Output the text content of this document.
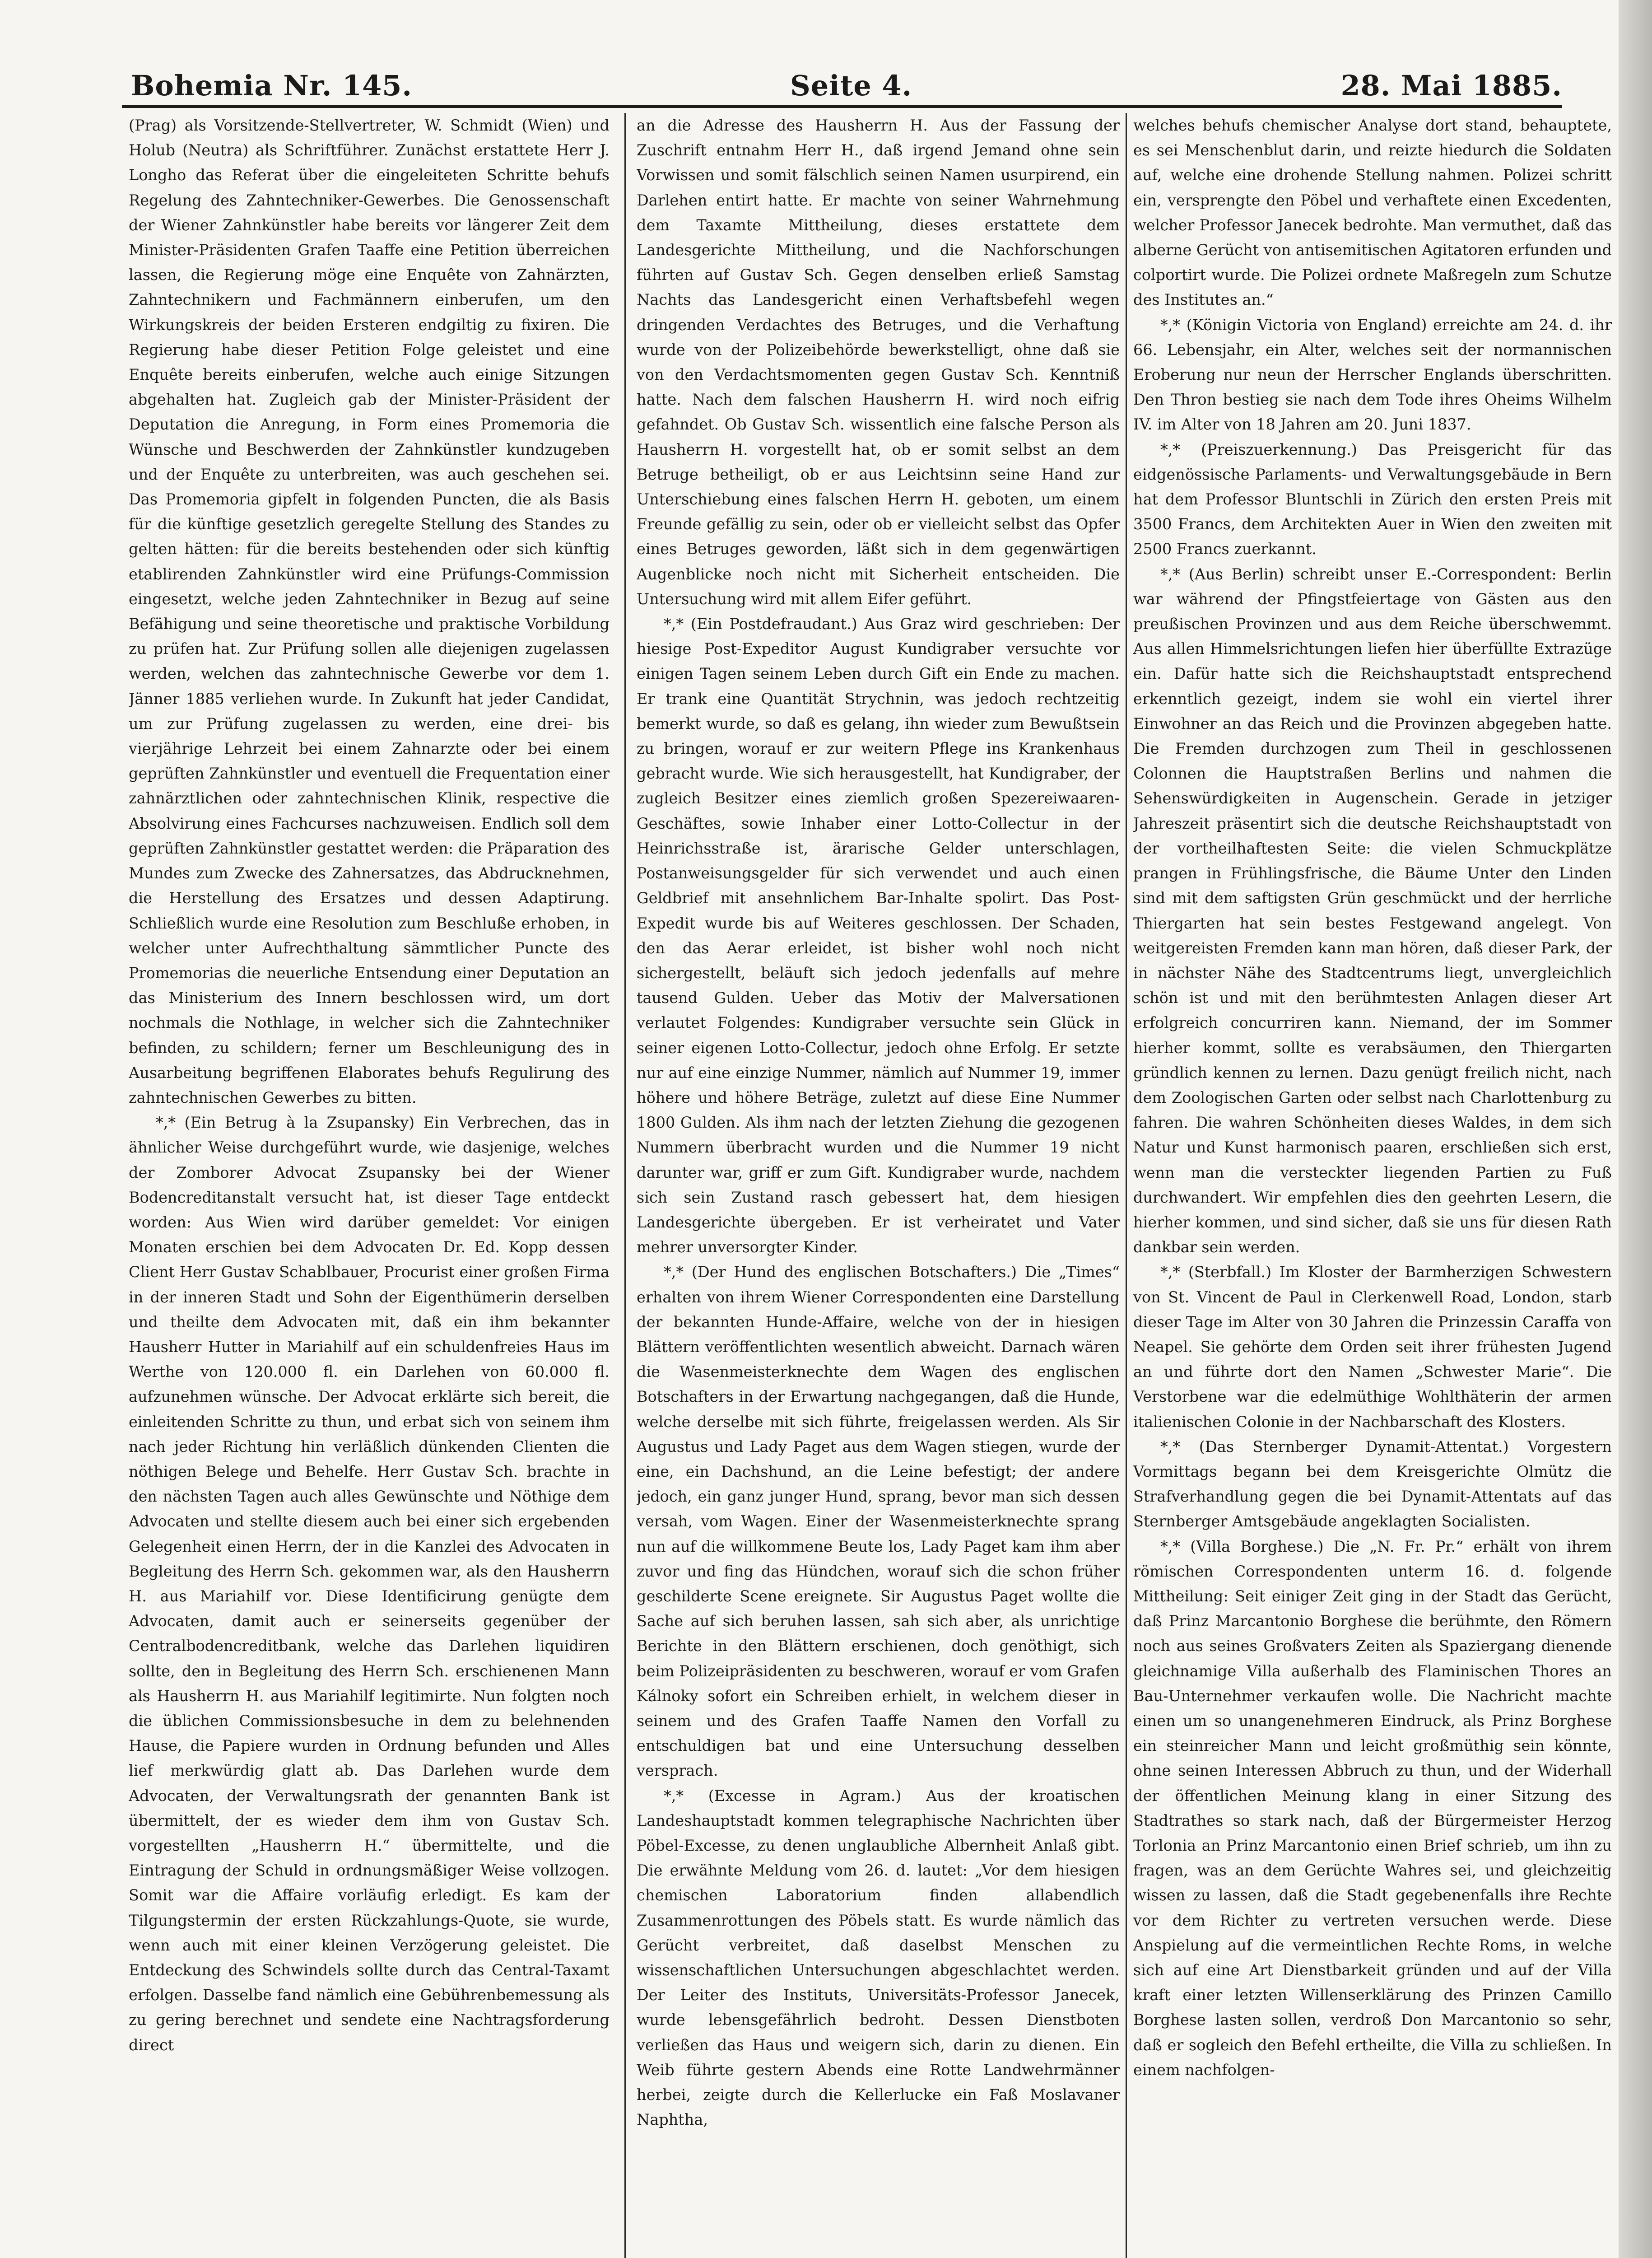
Bohemia Nr. 145.	Seite 4.	28. Mai 1885.

(Prag) als Vorsitzende-Stellvertreter, W. Schmidt (Wien) und Holub (Neutra) als Schriftführer. Zunächst erstattete Herr J. Longho das Referat über die eingeleiteten Schritte behufs Regelung des Zahntechniker-Gewerbes. Die Genossenschaft der Wiener Zahnkünstler habe bereits vor längerer Zeit dem Minister-Präsidenten Grafen Taaffe eine Petition überreichen lassen, die Regierung möge eine Enquête von Zahnärzten, Zahntechnikern und Fachmännern einberufen, um den Wirkungskreis der beiden Ersteren endgiltig zu fixiren. Die Regierung habe dieser Petition Folge geleistet und eine Enquête bereits einberufen, welche auch einige Sitzungen abgehalten hat. Zugleich gab der Minister-Präsident der Deputation die Anregung, in Form eines Promemoria die Wünsche und Beschwerden der Zahnkünstler kundzugeben und der Enquête zu unterbreiten, was auch geschehen sei. Das Promemoria gipfelt in folgenden Puncten, die als Basis für die künftige gesetzlich geregelte Stellung des Standes zu gelten hätten: für die bereits bestehenden oder sich künftig etablirenden Zahnkünstler wird eine Prüfungs-Commission eingesetzt, welche jeden Zahntechniker in Bezug auf seine Befähigung und seine theoretische und praktische Vorbildung zu prüfen hat. Zur Prüfung sollen alle diejenigen zugelassen werden, welchen das zahntechnische Gewerbe vor dem 1. Jänner 1885 verliehen wurde. In Zukunft hat jeder Candidat, um zur Prüfung zugelassen zu werden, eine drei- bis vierjährige Lehrzeit bei einem Zahnarzte oder bei einem geprüften Zahnkünstler und eventuell die Frequentation einer zahnärztlichen oder zahntechnischen Klinik, respective die Absolvirung eines Fachcurses nachzuweisen. Endlich soll dem geprüften Zahnkünstler gestattet werden: die Präparation des Mundes zum Zwecke des Zahnersatzes, das Abdrucknehmen, die Herstellung des Ersatzes und dessen Adaptirung. Schließlich wurde eine Resolution zum Beschluße erhoben, in welcher unter Aufrechthaltung sämmtlicher Puncte des Promemorias die neuerliche Entsendung einer Deputation an das Ministerium des Innern beschlossen wird, um dort nochmals die Nothlage, in welcher sich die Zahntechniker befinden, zu schildern; ferner um Beschleunigung des in Ausarbeitung begriffenen Elaborates behufs Regulirung des zahntechnischen Gewerbes zu bitten.

*,* (Ein Betrug à la Zsupansky) Ein Verbrechen, das in ähnlicher Weise durchgeführt wurde, wie dasjenige, welches der Zomborer Advocat Zsupansky bei der Wiener Bodencreditanstalt versucht hat, ist dieser Tage entdeckt worden: Aus Wien wird darüber gemeldet: Vor einigen Monaten erschien bei dem Advocaten Dr. Ed. Kopp dessen Client Herr Gustav Schablbauer, Procurist einer großen Firma in der inneren Stadt und Sohn der Eigenthümerin derselben und theilte dem Advocaten mit, daß ein ihm bekannter Hausherr Hutter in Mariahilf auf ein schuldenfreies Haus im Werthe von 120.000 fl. ein Darlehen von 60.000 fl. aufzunehmen wünsche. Der Advocat erklärte sich bereit, die einleitenden Schritte zu thun, und erbat sich von seinem ihm nach jeder Richtung hin verläßlich dünkenden Clienten die nöthigen Belege und Behelfe. Herr Gustav Sch. brachte in den nächsten Tagen auch alles Gewünschte und Nöthige dem Advocaten und stellte diesem auch bei einer sich ergebenden Gelegenheit einen Herrn, der in die Kanzlei des Advocaten in Begleitung des Herrn Sch. gekommen war, als den Hausherrn H. aus Mariahilf vor. Diese Identificirung genügte dem Advocaten, damit auch er seinerseits gegenüber der Centralbodencreditbank, welche das Darlehen liquidiren sollte, den in Begleitung des Herrn Sch. erschienenen Mann als Hausherrn H. aus Mariahilf legitimirte. Nun folgten noch die üblichen Commissionsbesuche in dem zu belehnenden Hause, die Papiere wurden in Ordnung befunden und Alles lief merkwürdig glatt ab. Das Darlehen wurde dem Advocaten, der Verwaltungsrath der genannten Bank ist übermittelt, der es wieder dem ihm von Gustav Sch. vorgestellten „Hausherrn H.“ übermittelte, und die Eintragung der Schuld in ordnungsmäßiger Weise vollzogen. Somit war die Affaire vorläufig erledigt. Es kam der Tilgungstermin der ersten Rückzahlungs-Quote, sie wurde, wenn auch mit einer kleinen Verzögerung geleistet. Die Entdeckung des Schwindels sollte durch das Central-Taxamt erfolgen. Dasselbe fand nämlich eine Gebührenbemessung als zu gering berechnet und sendete eine Nachtragsforderung direct

an die Adresse des Hausherrn H. Aus der Fassung der Zuschrift entnahm Herr H., daß irgend Jemand ohne sein Vorwissen und somit fälschlich seinen Namen usurpirend, ein Darlehen entirt hatte. Er machte von seiner Wahrnehmung dem Taxamte Mittheilung, dieses erstattete dem Landesgerichte Mittheilung, und die Nachforschungen führten auf Gustav Sch. Gegen denselben erließ Samstag Nachts das Landesgericht einen Verhaftsbefehl wegen dringenden Verdachtes des Betruges, und die Verhaftung wurde von der Polizeibehörde bewerkstelligt, ohne daß sie von den Verdachtsmomenten gegen Gustav Sch. Kenntniß hatte. Nach dem falschen Hausherrn H. wird noch eifrig gefahndet. Ob Gustav Sch. wissentlich eine falsche Person als Hausherrn H. vorgestellt hat, ob er somit selbst an dem Betruge betheiligt, ob er aus Leichtsinn seine Hand zur Unterschiebung eines falschen Herrn H. geboten, um einem Freunde gefällig zu sein, oder ob er vielleicht selbst das Opfer eines Betruges geworden, läßt sich in dem gegenwärtigen Augenblicke noch nicht mit Sicherheit entscheiden. Die Untersuchung wird mit allem Eifer geführt.

*,* (Ein Postdefraudant.) Aus Graz wird geschrieben: Der hiesige Post-Expeditor August Kundigraber versuchte vor einigen Tagen seinem Leben durch Gift ein Ende zu machen. Er trank eine Quantität Strychnin, was jedoch rechtzeitig bemerkt wurde, so daß es gelang, ihn wieder zum Bewußtsein zu bringen, worauf er zur weitern Pflege ins Krankenhaus gebracht wurde. Wie sich herausgestellt, hat Kundigraber, der zugleich Besitzer eines ziemlich großen Spezereiwaaren-Geschäftes, sowie Inhaber einer Lotto-Collectur in der Heinrichsstraße ist, ärarische Gelder unterschlagen, Postanweisungsgelder für sich verwendet und auch einen Geldbrief mit ansehnlichem Bar-Inhalte spolirt. Das Post-Expedit wurde bis auf Weiteres geschlossen. Der Schaden, den das Aerar erleidet, ist bisher wohl noch nicht sichergestellt, beläuft sich jedoch jedenfalls auf mehre tausend Gulden. Ueber das Motiv der Malversationen verlautet Folgendes: Kundigraber versuchte sein Glück in seiner eigenen Lotto-Collectur, jedoch ohne Erfolg. Er setzte nur auf eine einzige Nummer, nämlich auf Nummer 19, immer höhere und höhere Beträge, zuletzt auf diese Eine Nummer 1800 Gulden. Als ihm nach der letzten Ziehung die gezogenen Nummern überbracht wurden und die Nummer 19 nicht darunter war, griff er zum Gift. Kundigraber wurde, nachdem sich sein Zustand rasch gebessert hat, dem hiesigen Landesgerichte übergeben. Er ist verheiratet und Vater mehrer unversorgter Kinder.

*,* (Der Hund des englischen Botschafters.) Die „Times“ erhalten von ihrem Wiener Correspondenten eine Darstellung der bekannten Hunde-Affaire, welche von der in hiesigen Blättern veröffentlichten wesentlich abweicht. Darnach wären die Wasenmeisterknechte dem Wagen des englischen Botschafters in der Erwartung nachgegangen, daß die Hunde, welche derselbe mit sich führte, freigelassen werden. Als Sir Augustus und Lady Paget aus dem Wagen stiegen, wurde der eine, ein Dachshund, an die Leine befestigt; der andere jedoch, ein ganz junger Hund, sprang, bevor man sich dessen versah, vom Wagen. Einer der Wasenmeisterknechte sprang nun auf die willkommene Beute los, Lady Paget kam ihm aber zuvor und fing das Hündchen, worauf sich die schon früher geschilderte Scene ereignete. Sir Augustus Paget wollte die Sache auf sich beruhen lassen, sah sich aber, als unrichtige Berichte in den Blättern erschienen, doch genöthigt, sich beim Polizeipräsidenten zu beschweren, worauf er vom Grafen Kálnoky sofort ein Schreiben erhielt, in welchem dieser in seinem und des Grafen Taaffe Namen den Vorfall zu entschuldigen bat und eine Untersuchung desselben versprach.

*,* (Excesse in Agram.) Aus der kroatischen Landeshauptstadt kommen telegraphische Nachrichten über Pöbel-Excesse, zu denen unglaubliche Albernheit Anlaß gibt. Die erwähnte Meldung vom 26. d. lautet: „Vor dem hiesigen chemischen Laboratorium finden allabendlich Zusammenrottungen des Pöbels statt. Es wurde nämlich das Gerücht verbreitet, daß daselbst Menschen zu wissenschaftlichen Untersuchungen abgeschlachtet werden. Der Leiter des Instituts, Universitäts-Professor Janecek, wurde lebensgefährlich bedroht. Dessen Dienstboten verließen das Haus und weigern sich, darin zu dienen. Ein Weib führte gestern Abends eine Rotte Landwehrmänner herbei, zeigte durch die Kellerlucke ein Faß Moslavaner Naphtha,

welches behufs chemischer Analyse dort stand, behauptete, es sei Menschenblut darin, und reizte hiedurch die Soldaten auf, welche eine drohende Stellung nahmen. Polizei schritt ein, versprengte den Pöbel und verhaftete einen Excedenten, welcher Professor Janecek bedrohte. Man vermuthet, daß das alberne Gerücht von antisemitischen Agitatoren erfunden und colportirt wurde. Die Polizei ordnete Maßregeln zum Schutze des Institutes an.“

*,* (Königin Victoria von England) erreichte am 24. d. ihr 66. Lebensjahr, ein Alter, welches seit der normannischen Eroberung nur neun der Herrscher Englands überschritten. Den Thron bestieg sie nach dem Tode ihres Oheims Wilhelm IV. im Alter von 18 Jahren am 20. Juni 1837.

*,* (Preiszuerkennung.) Das Preisgericht für das eidgenössische Parlaments- und Verwaltungsgebäude in Bern hat dem Professor Bluntschli in Zürich den ersten Preis mit 3500 Francs, dem Architekten Auer in Wien den zweiten mit 2500 Francs zuerkannt.

*,* (Aus Berlin) schreibt unser E.-Correspondent: Berlin war während der Pfingstfeiertage von Gästen aus den preußischen Provinzen und aus dem Reiche überschwemmt. Aus allen Himmelsrichtungen liefen hier überfüllte Extrazüge ein. Dafür hatte sich die Reichshauptstadt entsprechend erkenntlich gezeigt, indem sie wohl ein viertel ihrer Einwohner an das Reich und die Provinzen abgegeben hatte. Die Fremden durchzogen zum Theil in geschlossenen Colonnen die Hauptstraßen Berlins und nahmen die Sehenswürdigkeiten in Augenschein. Gerade in jetziger Jahreszeit präsentirt sich die deutsche Reichshauptstadt von der vortheilhaftesten Seite: die vielen Schmuckplätze prangen in Frühlingsfrische, die Bäume Unter den Linden sind mit dem saftigsten Grün geschmückt und der herrliche Thiergarten hat sein bestes Festgewand angelegt. Von weitgereisten Fremden kann man hören, daß dieser Park, der in nächster Nähe des Stadtcentrums liegt, unvergleichlich schön ist und mit den berühmtesten Anlagen dieser Art erfolgreich concurriren kann. Niemand, der im Sommer hierher kommt, sollte es verabsäumen, den Thiergarten gründlich kennen zu lernen. Dazu genügt freilich nicht, nach dem Zoologischen Garten oder selbst nach Charlottenburg zu fahren. Die wahren Schönheiten dieses Waldes, in dem sich Natur und Kunst harmonisch paaren, erschließen sich erst, wenn man die versteckter liegenden Partien zu Fuß durchwandert. Wir empfehlen dies den geehrten Lesern, die hierher kommen, und sind sicher, daß sie uns für diesen Rath dankbar sein werden.

*,* (Sterbfall.) Im Kloster der Barmherzigen Schwestern von St. Vincent de Paul in Clerkenwell Road, London, starb dieser Tage im Alter von 30 Jahren die Prinzessin Caraffa von Neapel. Sie gehörte dem Orden seit ihrer frühesten Jugend an und führte dort den Namen „Schwester Marie“. Die Verstorbene war die edelmüthige Wohlthäterin der armen italienischen Colonie in der Nachbarschaft des Klosters.

*,* (Das Sternberger Dynamit-Attentat.) Vorgestern Vormittags begann bei dem Kreisgerichte Olmütz die Strafverhandlung gegen die bei Dynamit-Attentats auf das Sternberger Amtsgebäude angeklagten Socialisten.

*,* (Villa Borghese.) Die „N. Fr. Pr.“ erhält von ihrem römischen Correspondenten unterm 16. d. folgende Mittheilung: Seit einiger Zeit ging in der Stadt das Gerücht, daß Prinz Marcantonio Borghese die berühmte, den Römern noch aus seines Großvaters Zeiten als Spaziergang dienende gleichnamige Villa außerhalb des Flaminischen Thores an Bau-Unternehmer verkaufen wolle. Die Nachricht machte einen um so unangenehmeren Eindruck, als Prinz Borghese ein steinreicher Mann und leicht großmüthig sein könnte, ohne seinen Interessen Abbruch zu thun, und der Widerhall der öffentlichen Meinung klang in einer Sitzung des Stadtrathes so stark nach, daß der Bürgermeister Herzog Torlonia an Prinz Marcantonio einen Brief schrieb, um ihn zu fragen, was an dem Gerüchte Wahres sei, und gleichzeitig wissen zu lassen, daß die Stadt gegebenenfalls ihre Rechte vor dem Richter zu vertreten versuchen werde. Diese Anspielung auf die vermeintlichen Rechte Roms, in welche sich auf eine Art Dienstbarkeit gründen und auf der Villa kraft einer letzten Willenserklärung des Prinzen Camillo Borghese lasten sollen, verdroß Don Marcantonio so sehr, daß er sogleich den Befehl ertheilte, die Villa zu schließen. In einem nachfolgen-
